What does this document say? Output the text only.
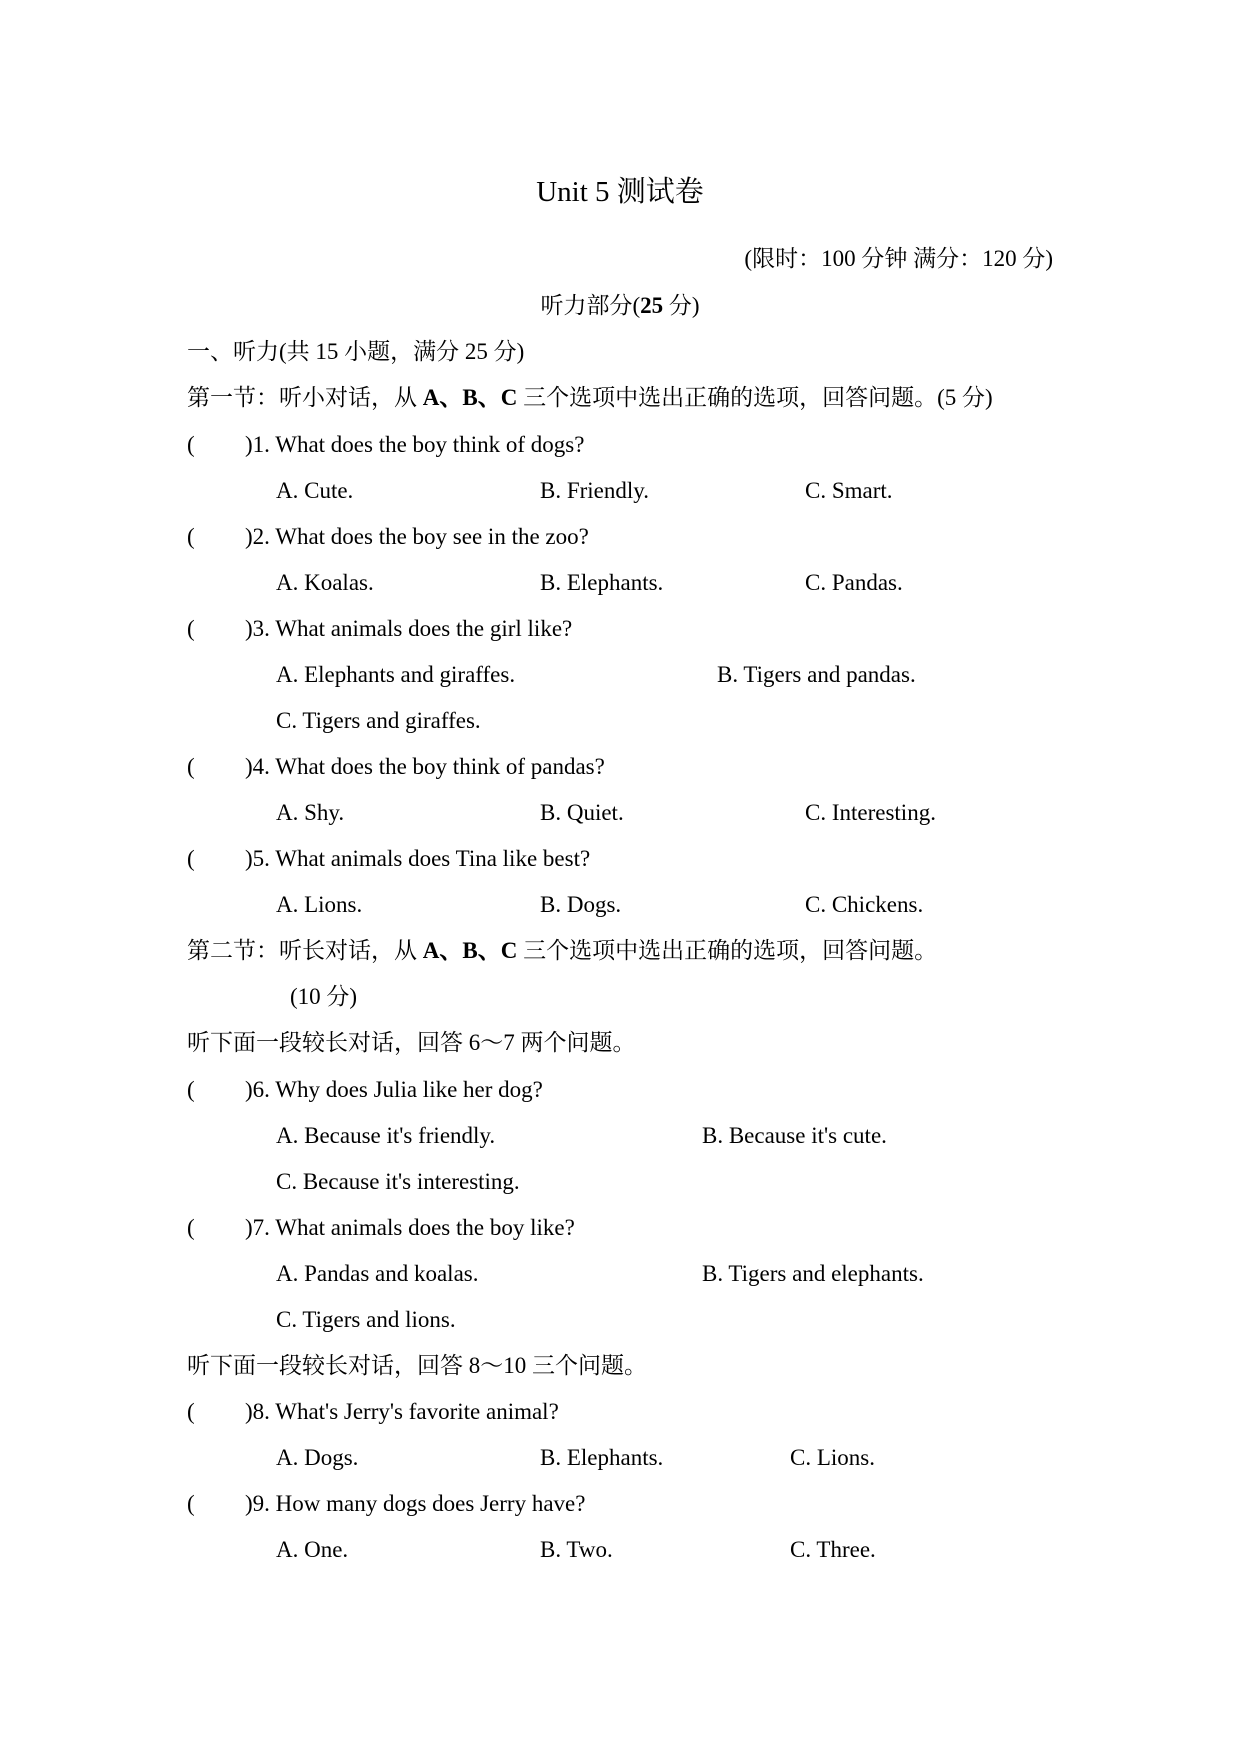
Unit 5 测试卷
(限时：100 分钟 满分：120 分)
听力部分(25 分)
一、听力(共 15 小题，满分 25 分)
第一节：听小对话，从 A、B、C 三个选项中选出正确的选项，回答问题。(5 分)
( )1. What does the boy think of dogs?
A. Cute.	B. Friendly.	C. Smart.
( )2. What does the boy see in the zoo?
A. Koalas.	B. Elephants.	C. Pandas.
( )3. What animals does the girl like?
A. Elephants and giraffes.	B. Tigers and pandas.
C. Tigers and giraffes.
( )4. What does the boy think of pandas?
A. Shy.	B. Quiet.	C. Interesting.
( )5. What animals does Tina like best?
A. Lions.	B. Dogs.	C. Chickens.
第二节：听长对话，从 A、B、C 三个选项中选出正确的选项，回答问题。
(10 分)
听下面一段较长对话，回答 6～7 两个问题。
( )6. Why does Julia like her dog?
A. Because it's friendly.	B. Because it's cute.
C. Because it's interesting.
( )7. What animals does the boy like?
A. Pandas and koalas.	B. Tigers and elephants.
C. Tigers and lions.
听下面一段较长对话，回答 8～10 三个问题。
( )8. What's Jerry's favorite animal?
A. Dogs.	B. Elephants.	C. Lions.
( )9. How many dogs does Jerry have?
A. One.	B. Two.	C. Three.
